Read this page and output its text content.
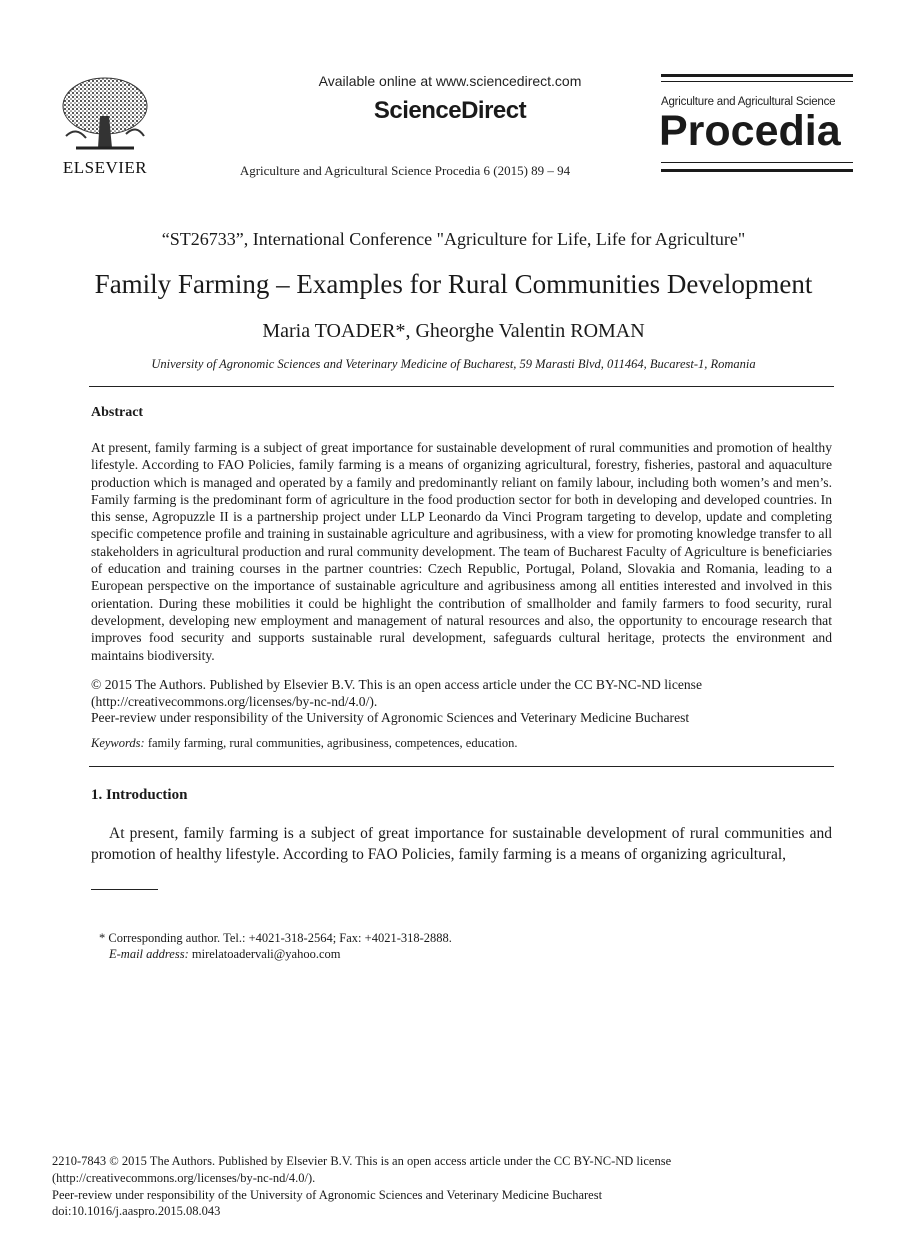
ELSEVIER
Available online at www.sciencedirect.com
ScienceDirect
Agriculture and Agricultural Science Procedia 6 (2015) 89 – 94
Agriculture and Agricultural Science
Procedia
“ST26733”, International Conference "Agriculture for Life, Life for Agriculture"
Family Farming – Examples for Rural Communities Development
Maria TOADER*, Gheorghe Valentin ROMAN
University of Agronomic Sciences and Veterinary Medicine of Bucharest, 59 Marasti Blvd, 011464, Bucarest-1, Romania
Abstract
At present, family farming is a subject of great importance for sustainable development of rural communities and promotion of healthy lifestyle. According to FAO Policies, family farming is a means of organizing agricultural, forestry, fisheries, pastoral and aquaculture production which is managed and operated by a family and predominantly reliant on family labour, including both women’s and men’s. Family farming is the predominant form of agriculture in the food production sector for both in developing and developed countries. In this sense, Agropuzzle II is a partnership project under LLP Leonardo da Vinci Program targeting to develop, update and completing specific competence profile and training in sustainable agriculture and agribusiness, with a view for promoting knowledge transfer to all stakeholders in agricultural production and rural community development. The team of Bucharest Faculty of Agriculture is beneficiaries of education and training courses in the partner countries: Czech Republic, Portugal, Poland, Slovakia and Romania, leading to a European perspective on the importance of sustainable agriculture and agribusiness among all entities interested and involved in this orientation. During these mobilities it could be highlight the contribution of smallholder and family farmers to food security, rural development, developing new employment and management of natural resources and also, the opportunity to encourage research that improves food security and supports sustainable rural development, safeguards cultural heritage, protects the environment and maintains biodiversity.
© 2015 The Authors. Published by Elsevier B.V. This is an open access article under the CC BY-NC-ND license
(http://creativecommons.org/licenses/by-nc-nd/4.0/).
Peer-review under responsibility of the University of Agronomic Sciences and Veterinary Medicine Bucharest
Keywords: family farming, rural communities, agribusiness, competences, education.
1. Introduction
At present, family farming is a subject of great importance for sustainable development of rural communities and promotion of healthy lifestyle. According to FAO Policies, family farming is a means of organizing agricultural,
* Corresponding author. Tel.: +4021-318-2564; Fax: +4021-318-2888.
E-mail address: mirelatoadervali@yahoo.com
2210-7843 © 2015 The Authors. Published by Elsevier B.V. This is an open access article under the CC BY-NC-ND license
(http://creativecommons.org/licenses/by-nc-nd/4.0/).
Peer-review under responsibility of the University of Agronomic Sciences and Veterinary Medicine Bucharest
doi:10.1016/j.aaspro.2015.08.043
